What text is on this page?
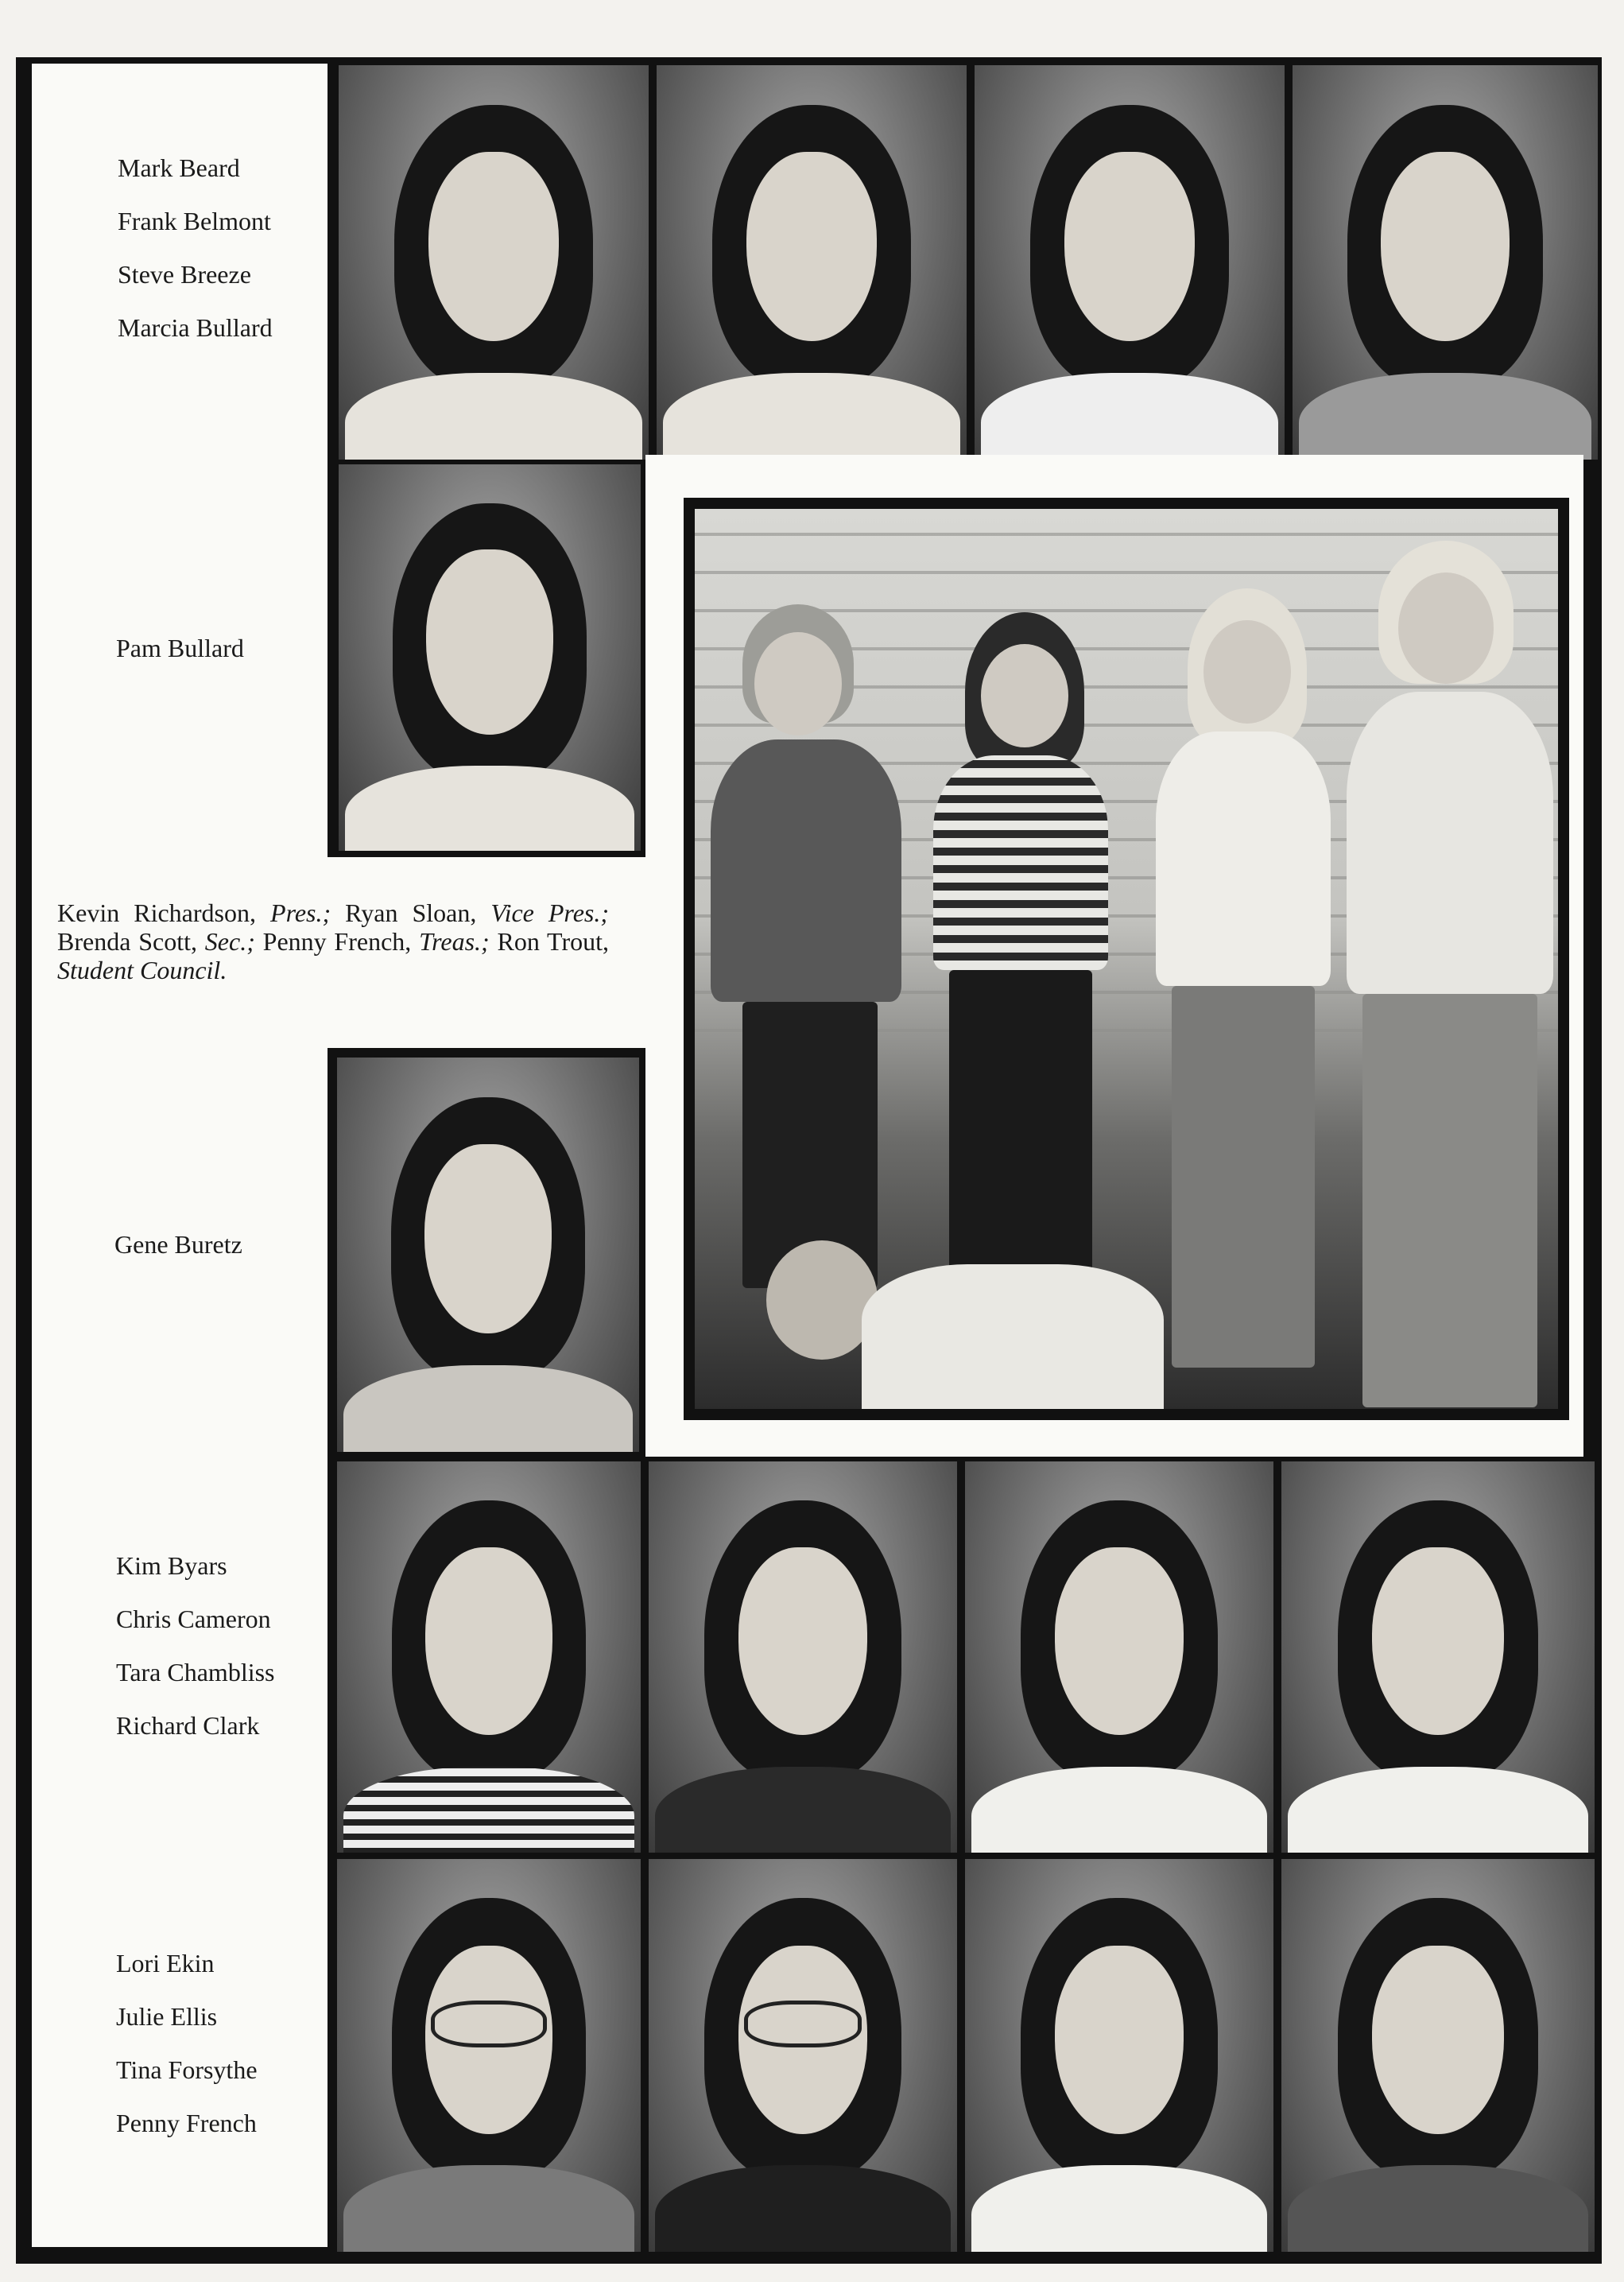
Mark Beard
Frank Belmont
Steve Breeze
Marcia Bullard
Pam Bullard
Kevin Richardson, Pres.; Ryan Sloan, Vice Pres.; Brenda Scott, Sec.; Penny French, Treas.; Ron Trout, Student Council.
Gene Buretz
Kim Byars
Chris Cameron
Tara Chambliss
Richard Clark
Lori Ekin
Julie Ellis
Tina Forsythe
Penny French
